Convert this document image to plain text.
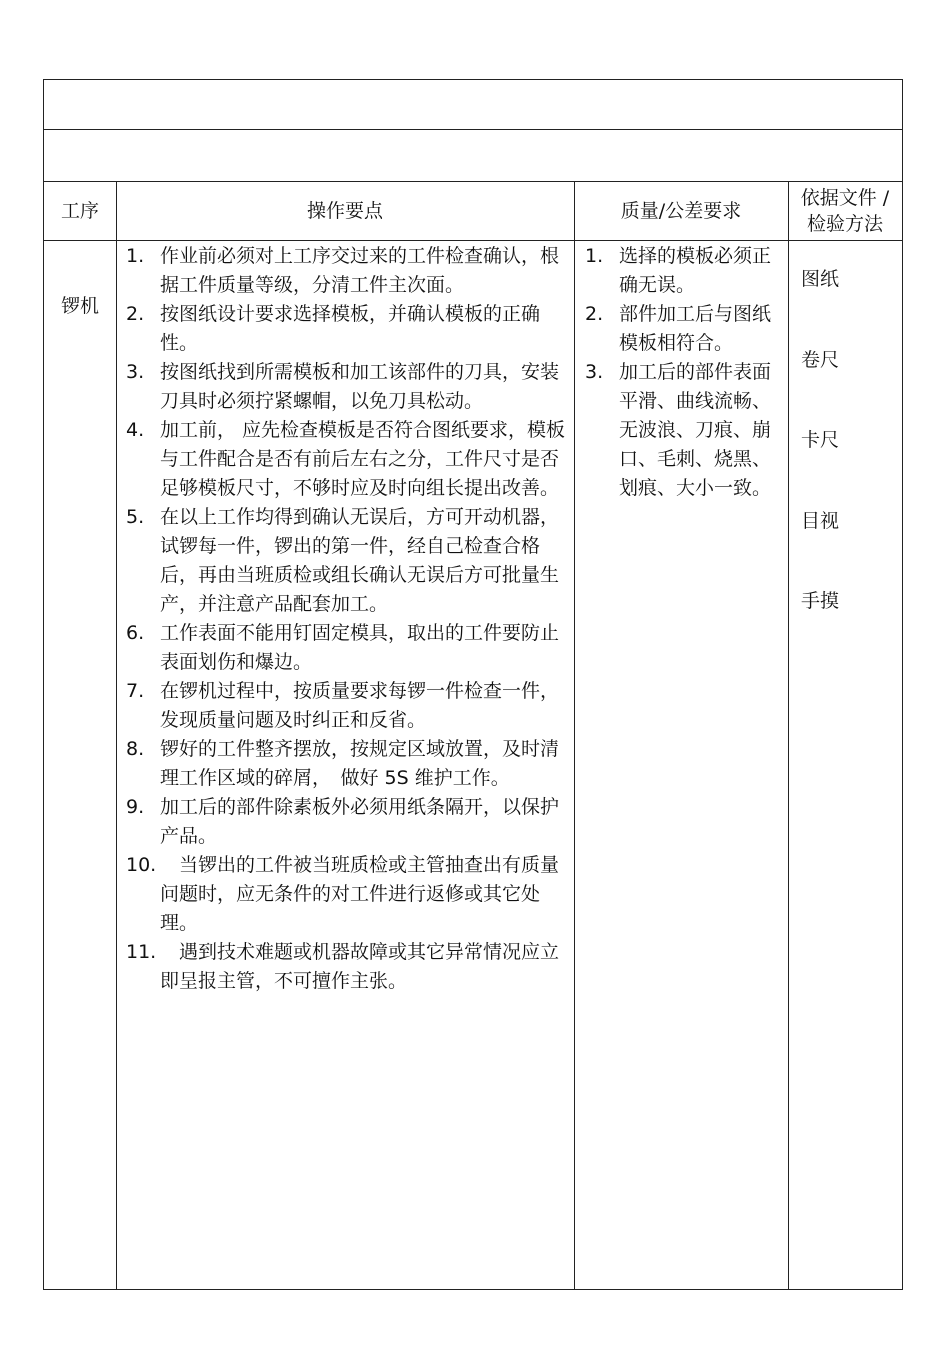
工序	操作要点	质量/公差要求
依据文件 /
检验方法
锣机
1. 作业前必须对上工序交过来的工件检查确认，根据工件质量等级，分清工件主次面。
2. 按图纸设计要求选择模板，并确认模板的正确性。
3. 按图纸找到所需模板和加工该部件的刀具，安装刀具时必须拧紧螺帽，以免刀具松动。
4. 加工前， 应先检查模板是否符合图纸要求，模板与工件配合是否有前后左右之分，工件尺寸是否足够模板尺寸，不够时应及时向组长提出改善。
5. 在以上工作均得到确认无误后，方可开动机器，试锣每一件，锣出的第一件，经自己检查合格后，再由当班质检或组长确认无误后方可批量生产，并注意产品配套加工。
6. 工作表面不能用钉固定模具，取出的工件要防止表面划伤和爆边。
7. 在锣机过程中，按质量要求每锣一件检查一件，发现质量问题及时纠正和反省。
8. 锣好的工件整齐摆放，按规定区域放置，及时清理工作区域的碎屑，　做好 5S 维护工作。
9. 加工后的部件除素板外必须用纸条隔开，以保护产品。
10. 　当锣出的工件被当班质检或主管抽查出有质量问题时，应无条件的对工件进行返修或其它处理。
11. 　遇到技术难题或机器故障或其它异常情况应立即呈报主管，不可擅作主张。
1. 选择的模板必须正确无误。
2. 部件加工后与图纸模板相符合。
3. 加工后的部件表面平滑、曲线流畅、无波浪、刀痕、崩口、毛刺、烧黑、划痕、大小一致。
图纸
卷尺
卡尺
目视
手摸
